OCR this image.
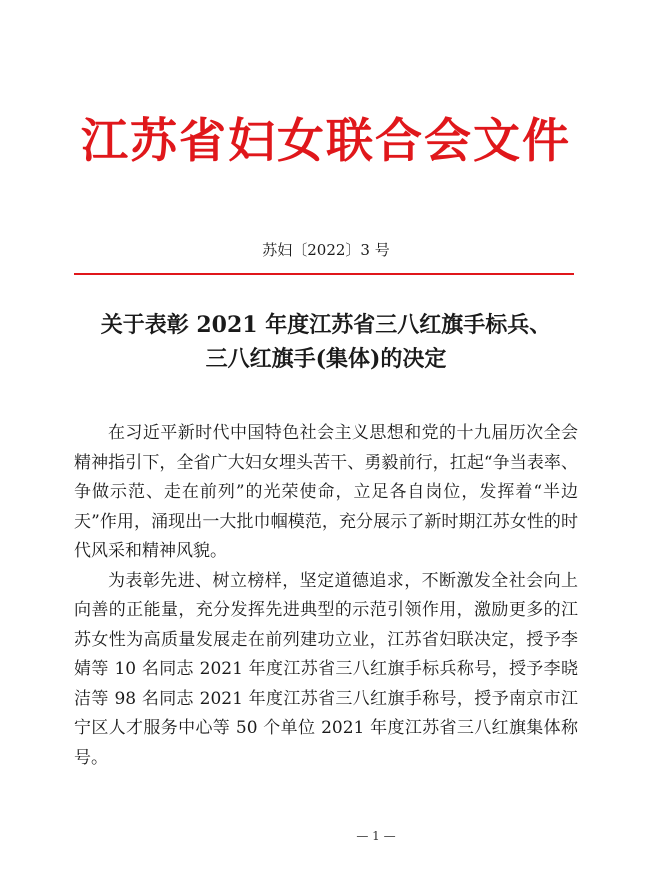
江苏省妇女联合会文件
苏妇〔2022〕3 号
关于表彰 2021 年度江苏省三八红旗手标兵、
三八红旗手(集体)的决定

在习近平新时代中国特色社会主义思想和党的十九届历次全会精神指引下，全省广大妇女埋头苦干、勇毅前行，扛起“争当表率、争做示范、走在前列”的光荣使命，立足各自岗位，发挥着“半边天”作用，涌现出一大批巾帼模范，充分展示了新时期江苏女性的时代风采和精神风貌。

为表彰先进、树立榜样，坚定道德追求，不断激发全社会向上向善的正能量，充分发挥先进典型的示范引领作用，激励更多的江苏女性为高质量发展走在前列建功立业，江苏省妇联决定，授予李婧等 10 名同志 2021 年度江苏省三八红旗手标兵称号，授予李晓洁等 98 名同志 2021 年度江苏省三八红旗手称号，授予南京市江宁区人才服务中心等 50 个单位 2021 年度江苏省三八红旗集体称号。

— 1 —
